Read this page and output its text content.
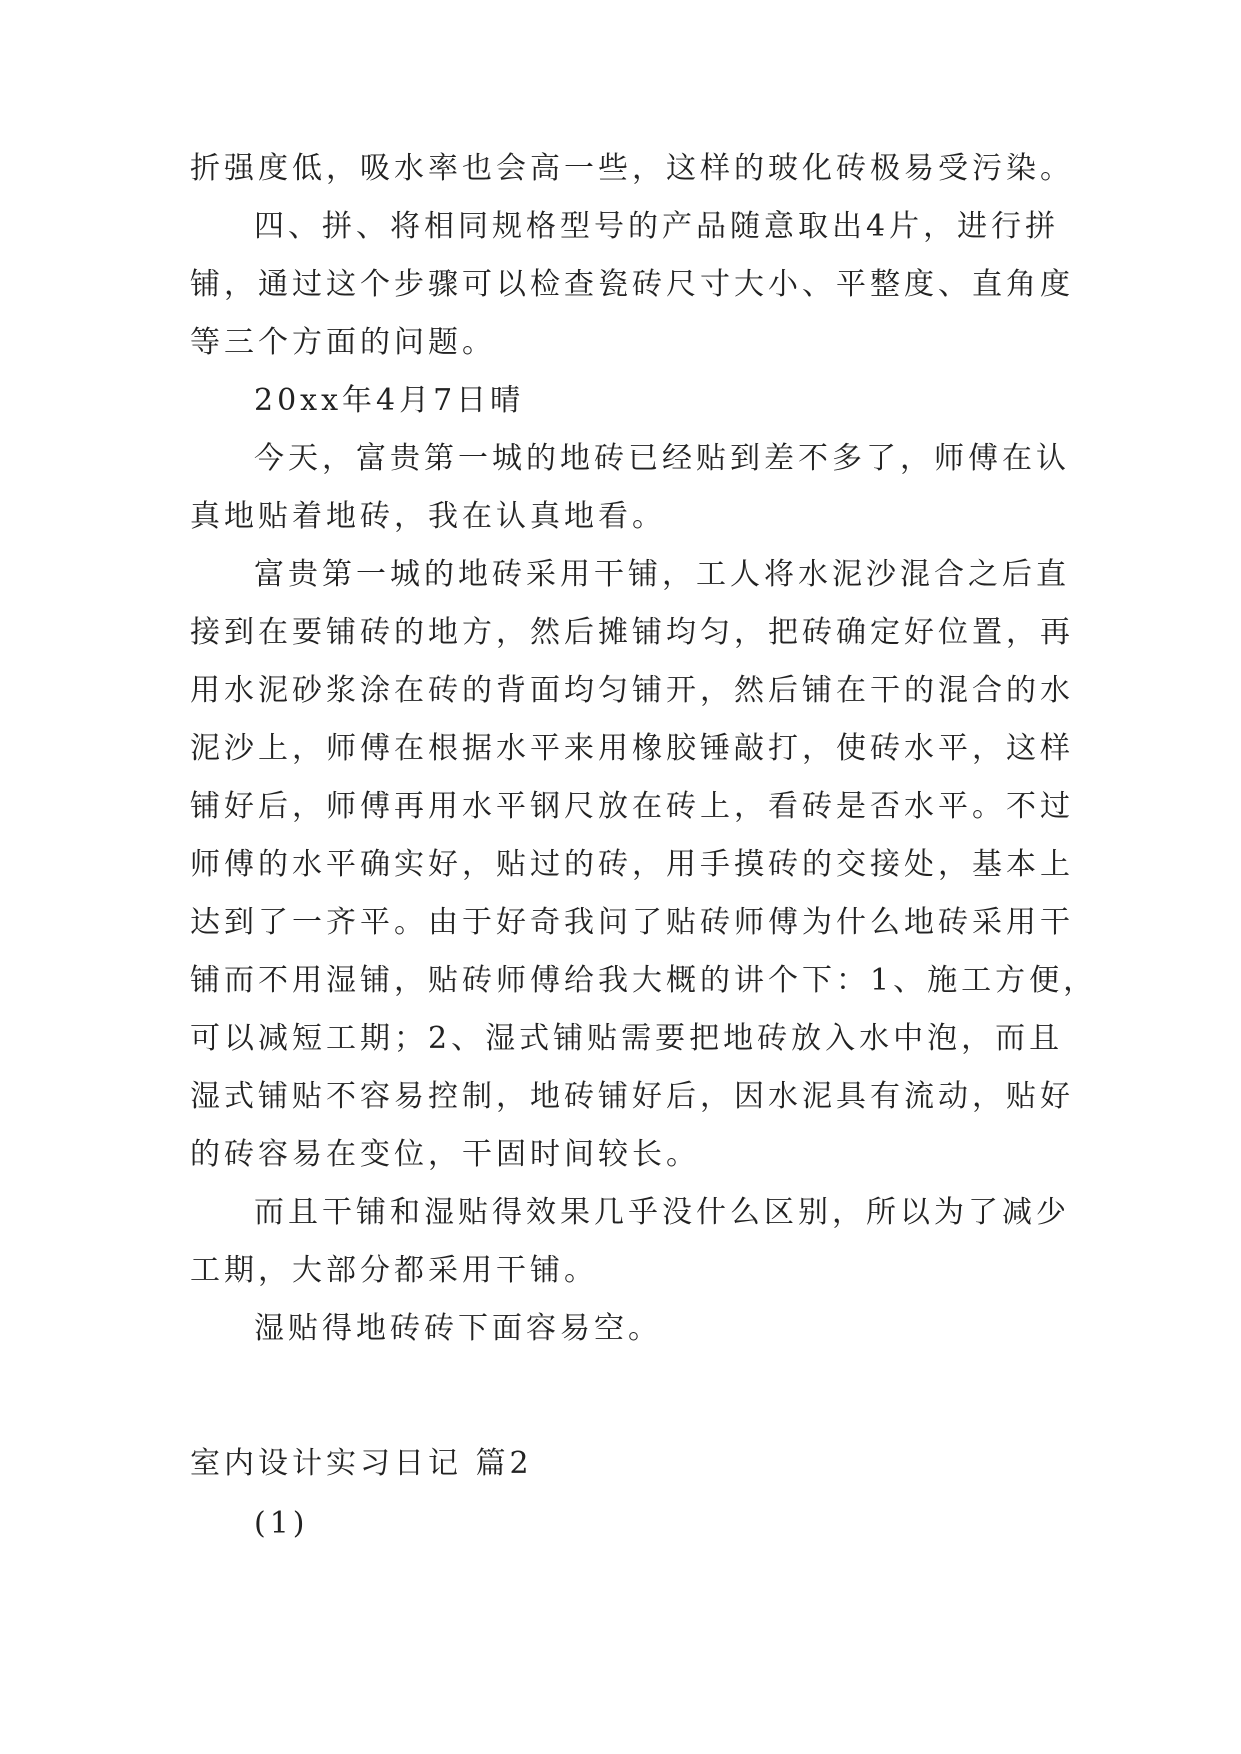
折强度低，吸水率也会高一些，这样的玻化砖极易受污染。
四、拼、将相同规格型号的产品随意取出4片，进行拼
铺，通过这个步骤可以检查瓷砖尺寸大小、平整度、直角度
等三个方面的问题。
20xx年4月7日晴
今天，富贵第一城的地砖已经贴到差不多了，师傅在认
真地贴着地砖，我在认真地看。
富贵第一城的地砖采用干铺，工人将水泥沙混合之后直
接到在要铺砖的地方，然后摊铺均匀，把砖确定好位置，再
用水泥砂浆涂在砖的背面均匀铺开，然后铺在干的混合的水
泥沙上，师傅在根据水平来用橡胶锤敲打，使砖水平，这样
铺好后，师傅再用水平钢尺放在砖上，看砖是否水平。不过
师傅的水平确实好，贴过的砖，用手摸砖的交接处，基本上
达到了一齐平。由于好奇我问了贴砖师傅为什么地砖采用干
铺而不用湿铺，贴砖师傅给我大概的讲个下：1、施工方便，
可以减短工期；2、湿式铺贴需要把地砖放入水中泡，而且
湿式铺贴不容易控制，地砖铺好后，因水泥具有流动，贴好
的砖容易在变位，干固时间较长。
而且干铺和湿贴得效果几乎没什么区别，所以为了减少
工期，大部分都采用干铺。
湿贴得地砖砖下面容易空。
室内设计实习日记 篇2
(1)
